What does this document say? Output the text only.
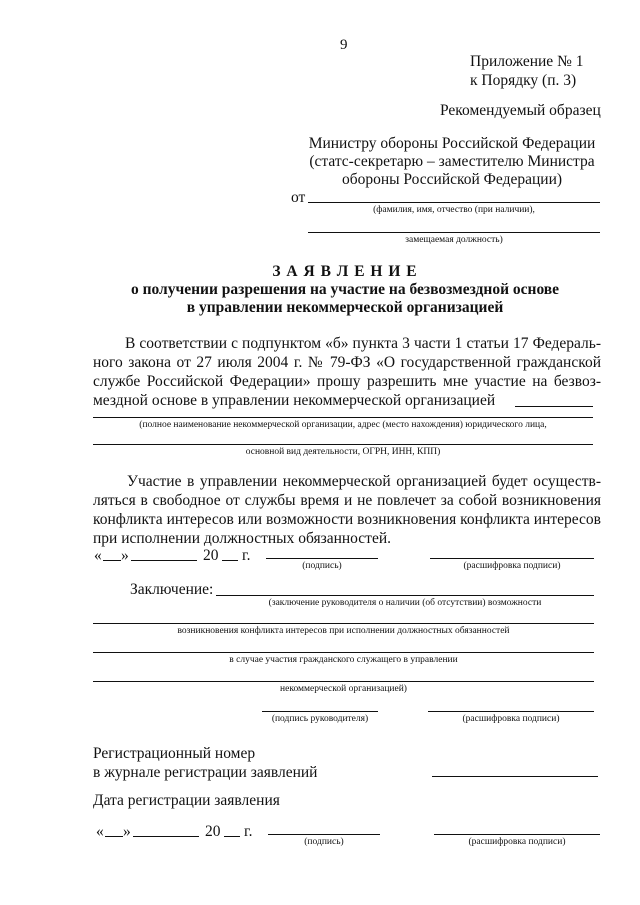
9
Приложение № 1
к Порядку (п. 3)
Рекомендуемый образец
Министру обороны Российской Федерации
(статс-секретарю – заместителю Министра
обороны Российской Федерации)
от
(фамилия, имя, отчество (при наличии),
замещаемая должность)
З А Я В Л Е Н И Е
о получении разрешения на участие на безвозмездной основе
в управлении некоммерческой организацией
В соответствии с подпунктом «б» пункта 3 части 1 статьи 17 Федераль-
ного закона от 27 июля 2004 г. № 79-ФЗ «О государственной гражданской
службе Российской Федерации» прошу разрешить мне участие на безвоз-
мездной основе в управлении некоммерческой организацией
(полное наименование некоммерческой организации, адрес (место нахождения) юридического лица,
основной вид деятельности, ОГРН, ИНН, КПП)
Участие в управлении некоммерческой организацией будет осуществ-
ляться в свободное от службы время и не повлечет за собой возникновения
конфликта интересов или возможности возникновения конфликта интересов
при исполнении должностных обязанностей.
« »	20 г.
(подпись)	(расшифровка подписи)
Заключение:
(заключение руководителя о наличии (об отсутствии) возможности
возникновения конфликта интересов при исполнении должностных обязанностей
в случае участия гражданского служащего в управлении
некоммерческой организацией)
(подпись руководителя)	(расшифровка подписи)
Регистрационный номер
в журнале регистрации заявлений
Дата регистрации заявления
« »	20 г.
(подпись)	(расшифровка подписи)
